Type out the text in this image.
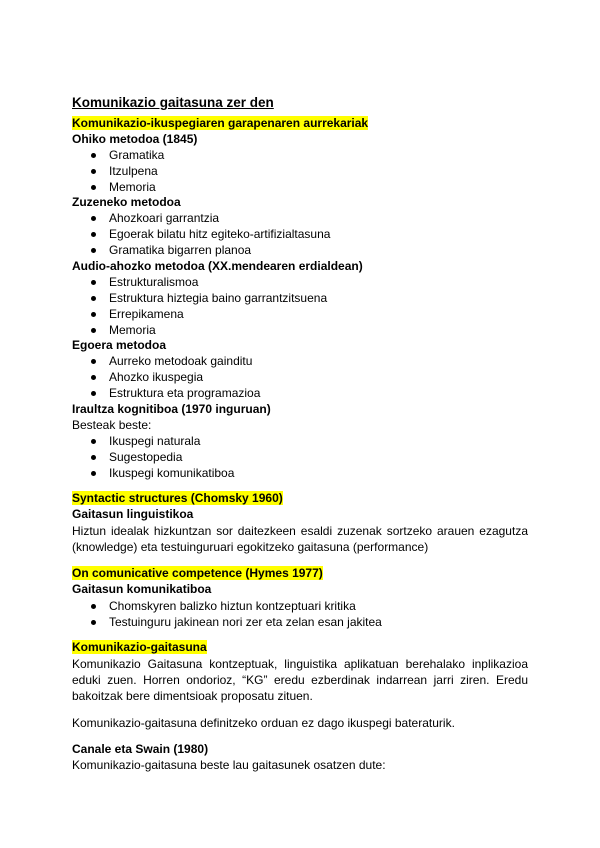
Komunikazio gaitasuna zer den

Komunikazio-ikuspegiaren garapenaren aurrekariak

Ohiko metodoa (1845)

Gramatika
Itzulpena
Memoria

Zuzeneko metodoa

Ahozkoari garrantzia
Egoerak bilatu hitz egiteko-artifizialtasuna
Gramatika bigarren planoa

Audio-ahozko metodoa (XX.mendearen erdialdean)

Estrukturalismoa
Estruktura hiztegia baino garrantzitsuena
Errepikamena
Memoria

Egoera metodoa

Aurreko metodoak gainditu
Ahozko ikuspegia
Estruktura eta programazioa

Iraultza kognitiboa (1970 inguruan)

Besteak beste:

Ikuspegi naturala
Sugestopedia
Ikuspegi komunikatiboa

Syntactic structures (Chomsky 1960)

Gaitasun linguistikoa

Hiztun idealak hizkuntzan sor daitezkeen esaldi zuzenak sortzeko arauen ezagutza
(knowledge) eta testuinguruari egokitzeko gaitasuna (performance)

On comunicative competence (Hymes 1977)

Gaitasun komunikatiboa

Chomskyren balizko hiztun kontzeptuari kritika
Testuinguru jakinean nori zer eta zelan esan jakitea

Komunikazio-gaitasuna

Komunikazio Gaitasuna kontzeptuak, linguistika aplikatuan berehalako inplikazioa
eduki zuen. Horren ondorioz, “KG” eredu ezberdinak indarrean jarri ziren. Eredu
bakoitzak bere dimentsioak proposatu zituen.

Komunikazio-gaitasuna definitzeko orduan ez dago ikuspegi bateraturik.

Canale eta Swain (1980)

Komunikazio-gaitasuna beste lau gaitasunek osatzen dute:
